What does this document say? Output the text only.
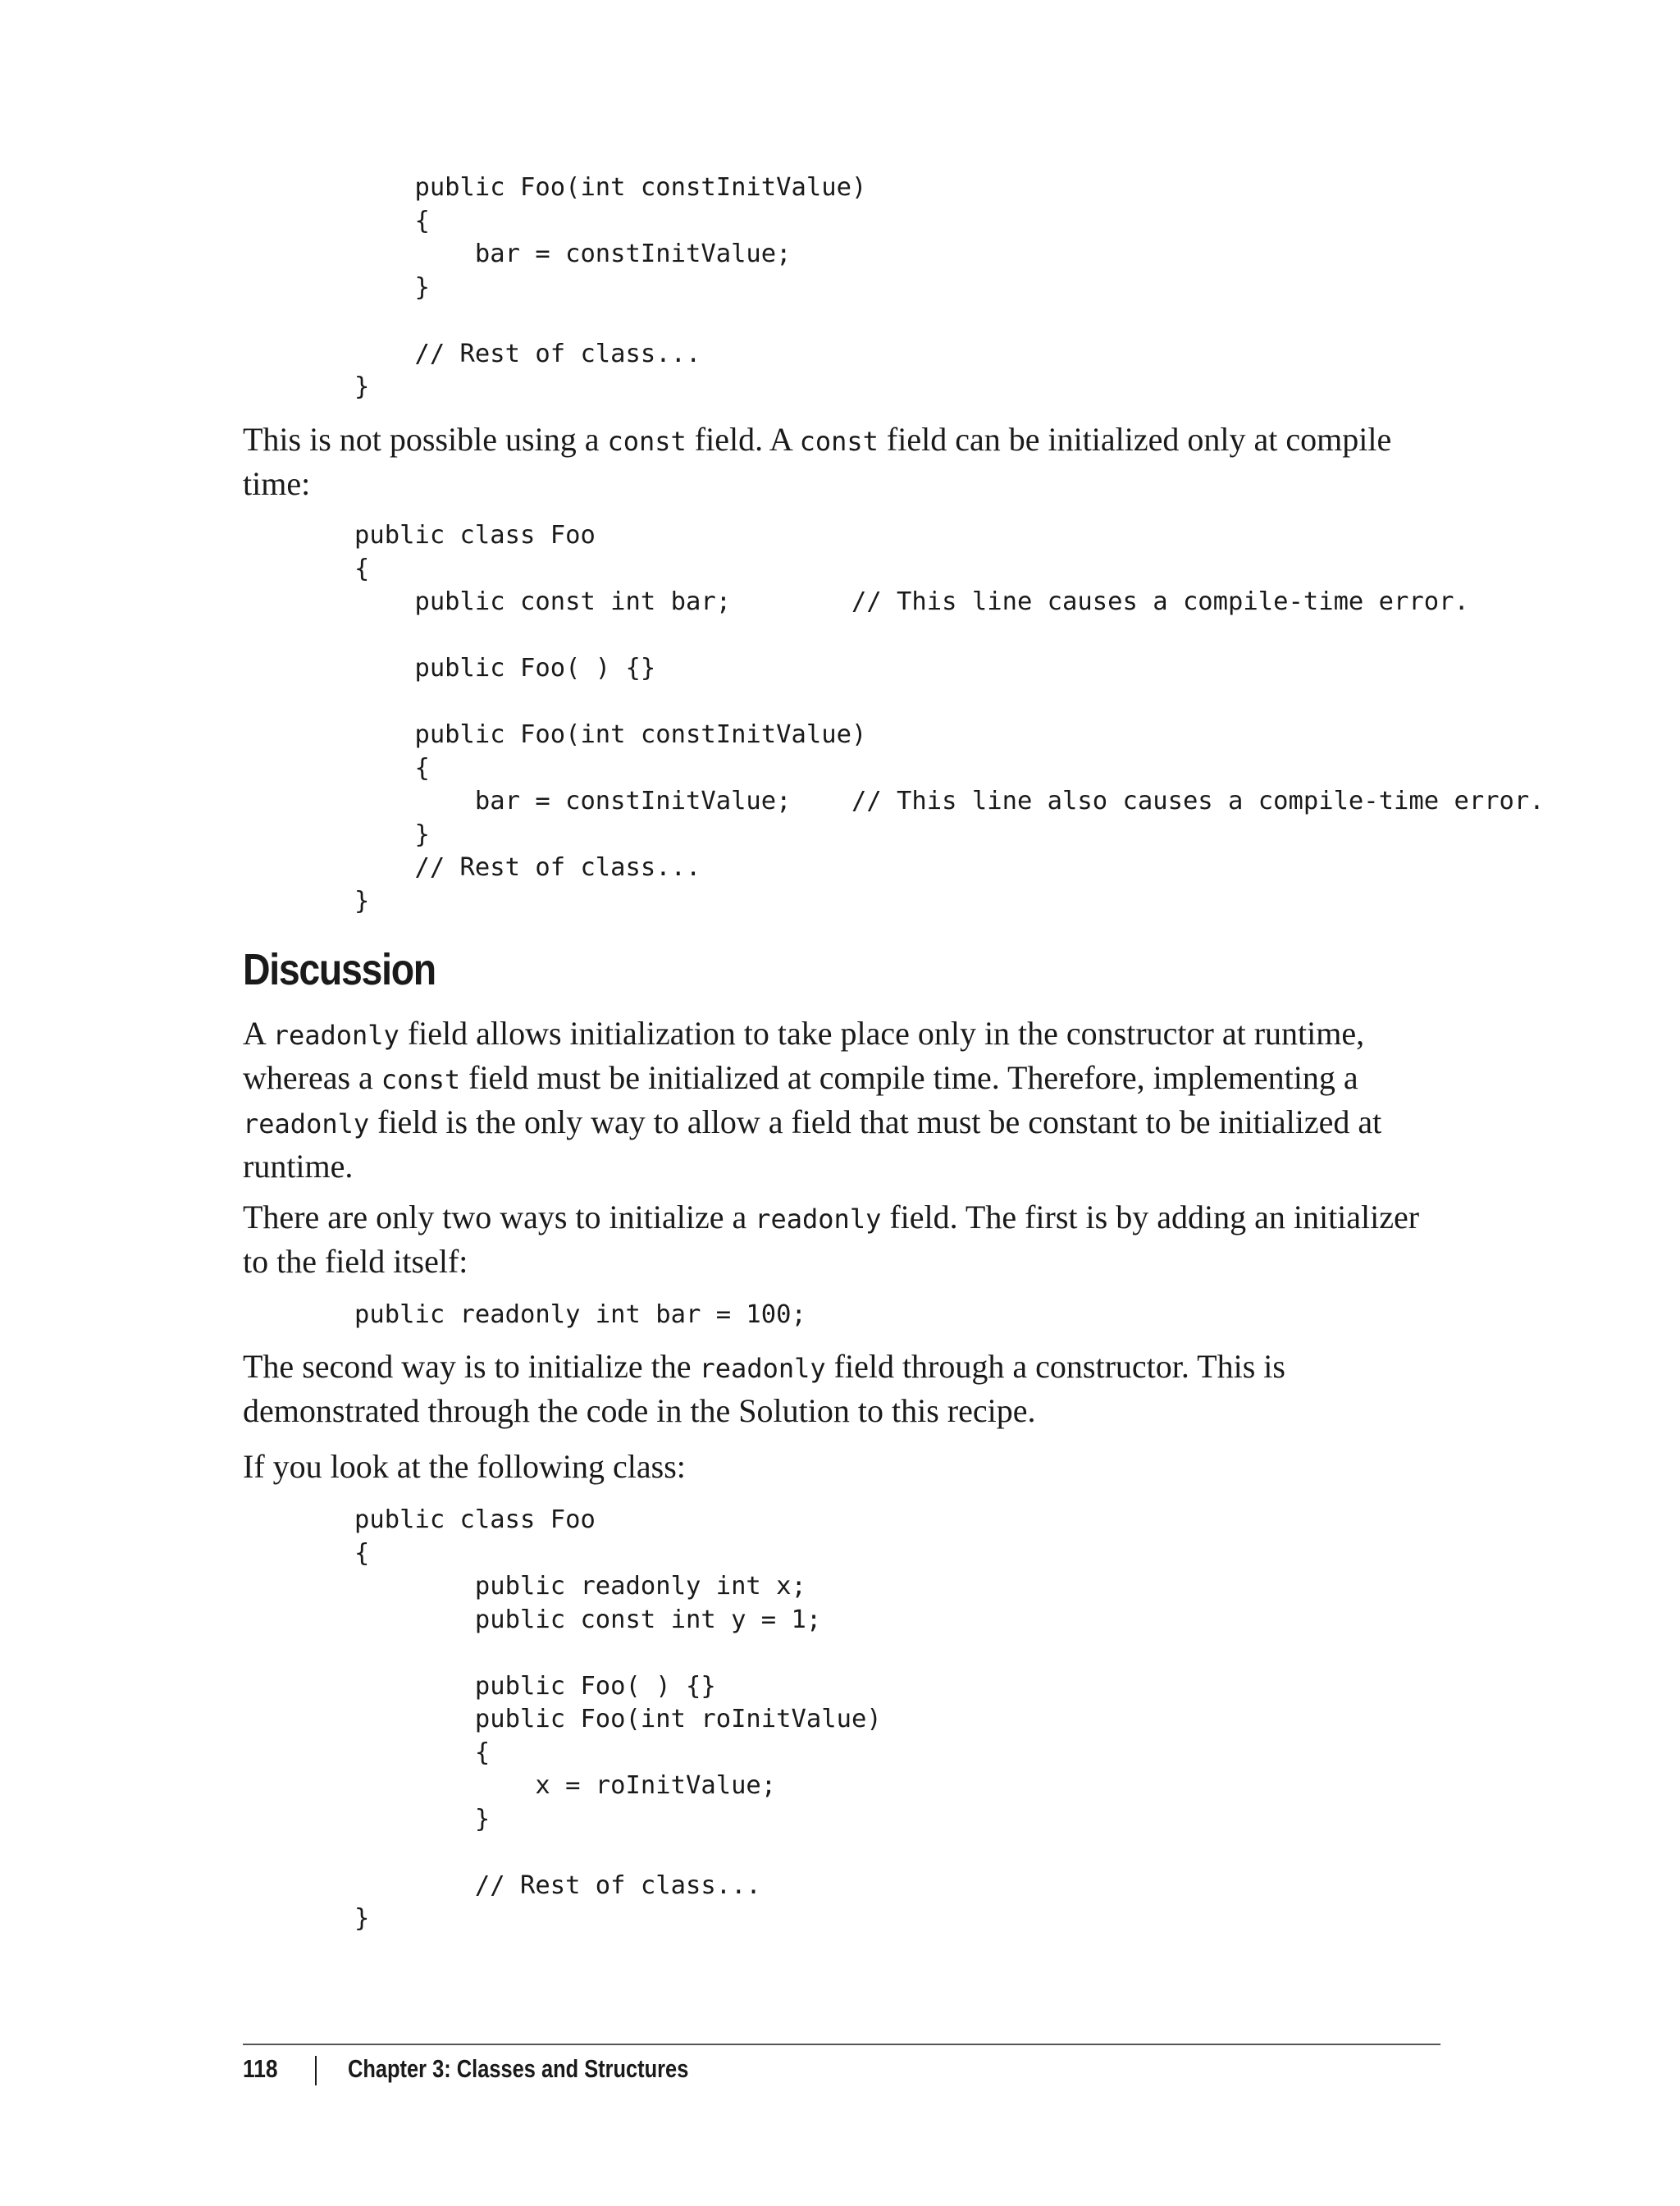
public Foo(int constInitValue)
{
bar = constInitValue;
}

// Rest of class...
}

This is not possible using a const field. A const field can be initialized only at compile time:

public class Foo
{
public const int bar;        // This line causes a compile-time error.

public Foo( ) {}

public Foo(int constInitValue)
{
bar = constInitValue;    // This line also causes a compile-time error.
}
// Rest of class...
}
Discussion

A readonly field allows initialization to take place only in the constructor at runtime, whereas a const field must be initialized at compile time. Therefore, implementing a readonly field is the only way to allow a field that must be constant to be initialized at runtime.

There are only two ways to initialize a readonly field. The first is by adding an initializer to the field itself:

public readonly int bar = 100;

The second way is to initialize the readonly field through a constructor. This is demonstrated through the code in the Solution to this recipe.

If you look at the following class:

public class Foo
{
public readonly int x;
public const int y = 1;

public Foo( ) {}
public Foo(int roInitValue)
{
x = roInitValue;
}

// Rest of class...
}
118	Chapter 3: Classes and Structures
